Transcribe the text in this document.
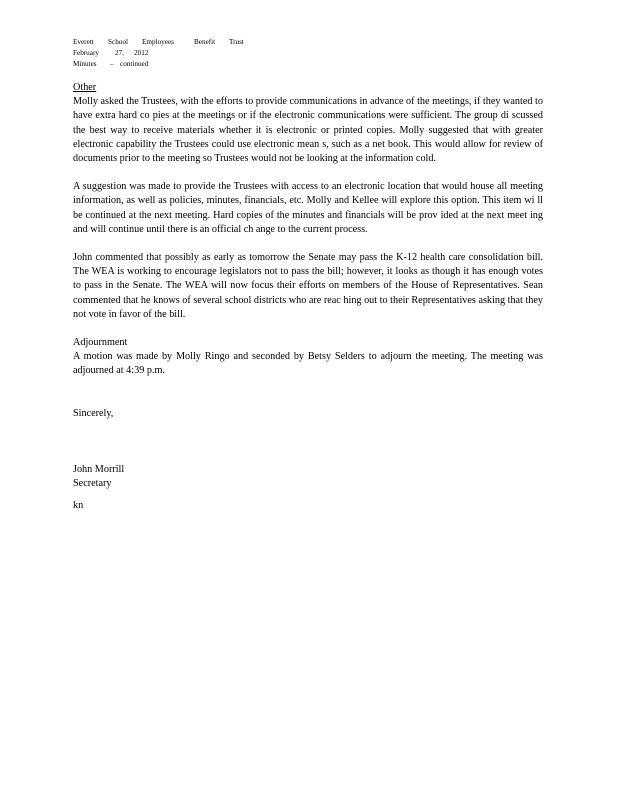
Everett School Employees	Benefit Trust
February 27, 2012
Minutes – continued

Other

Molly asked the Trustees, with the efforts to provide communications in advance of the meetings, if they wanted to have extra hard co pies at the meetings or if the electronic communications were sufficient. The group di scussed the best way to receive materials whether it is electronic or printed copies. Molly suggested that with greater electronic capability the Trustees could use electronic mean s, such as a net book. This would allow for review of documents prior to the meeting so Trustees would not be looking at the information cold.

A suggestion was made to provide the Trustees with access to an electronic location that would house all meeting information, as well as policies, minutes, financials, etc. Molly and Kellee will explore this option. This item wi ll be continued at the next meeting. Hard copies of the minutes and financials will be prov ided at the next meet ing and will continue until there is an official ch ange to the current process.

John commented that possibly as early as tomorrow the Senate may pass the K-12 health care consolidation bill. The WEA is working to encourage legislators not to pass the bill; however, it looks as though it has enough votes to pass in the Senate. The WEA will now focus their efforts on members of the House of Representatives. Sean commented that he knows of several school districts who are reac hing out to their Representatives asking that they not vote in favor of the bill.

Adjournment

A motion was made by Molly Ringo and seconded by Betsy Selders to adjourn the meeting. The meeting was adjourned at 4:39 p.m.

Sincerely,

John Morrill

Secretary

kn
